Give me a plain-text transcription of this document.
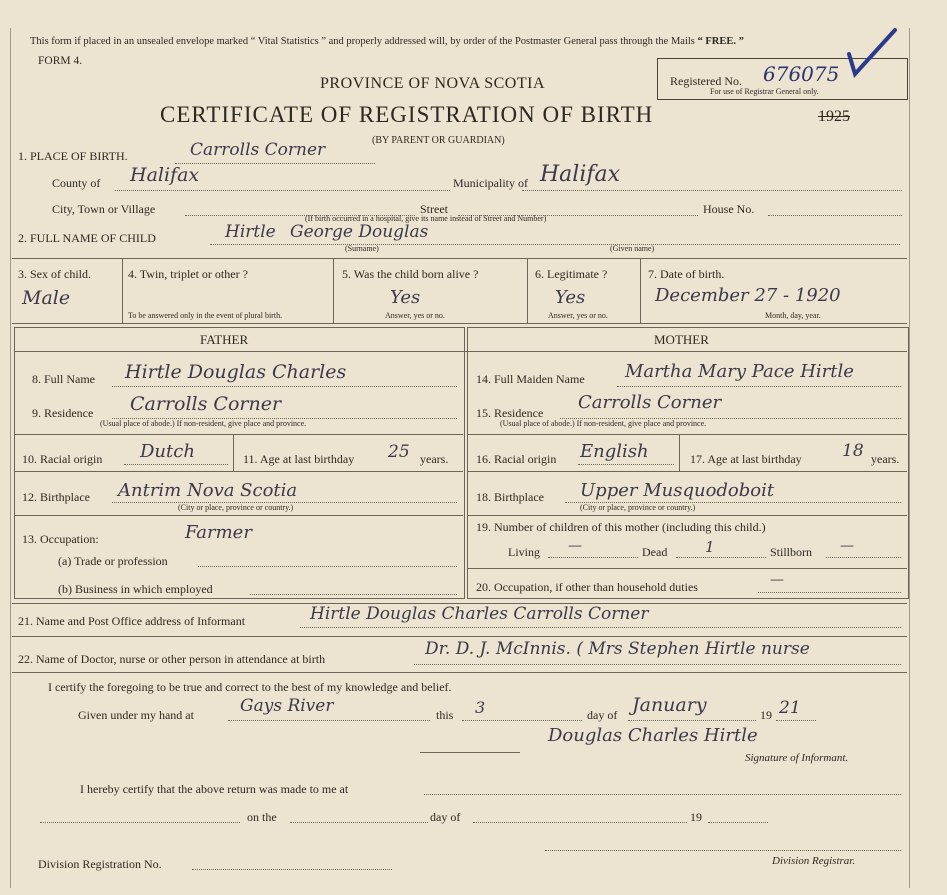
This form if placed in an unsealed envelope marked “ Vital Statistics ” and properly addressed will, by order of the Postmaster General pass through the Mails “ FREE. ”
FORM 4.
PROVINCE OF NOVA SCOTIA
CERTIFICATE OF REGISTRATION OF BIRTH
(BY PARENT OR GUARDIAN)
Registered No. 676075
For use of Registrar General only.
1925
1. PLACE OF BIRTH.	Carrolls Corner
County of Halifax	Municipality of Halifax
City, Town or Village	Street	House No.
(If birth occurred in a hospital, give its name instead of Street and Number)
2. FULL NAME OF CHILD	Hirtle George Douglas
(Surname)	(Given name)
3. Sex of child.
Male
4. Twin, triplet or other ?
To be answered only in the event of plural birth.
5. Was the child born alive ?
Yes
Answer, yes or no.
6. Legitimate ?
Yes
Answer, yes or no.
7. Date of birth.
December 27 - 1920
Month, day, year.
FATHER	MOTHER
8. Full Name Hirtle Douglas Charles
9. Residence Carrolls Corner
(Usual place of abode.) If non-resident, give place and province.
10. Racial origin Dutch	11. Age at last birthday 25 years.
12. Birthplace Antrim Nova Scotia
(City or place, province or country.)
13. Occupation:	Farmer
(a) Trade or profession
(b) Business in which employed
14. Full Maiden Name Martha Mary Pace Hirtle
15. Residence Carrolls Corner
(Usual place of abode.) If non-resident, give place and province.
16. Racial origin English	17. Age at last birthday 18 years.
18. Birthplace Upper Musquodoboit
(City or place, province or country.)
19. Number of children of this mother (including this child.)
Living —	Dead	1	Stillborn —
20. Occupation, if other than household duties	—
21. Name and Post Office address of Informant	Hirtle Douglas Charles Carrolls Corner
22. Name of Doctor, nurse or other person in attendance at birth	Dr. D. J. McInnis. ( Mrs Stephen Hirtle nurse
I certify the foregoing to be true and correct to the best of my knowledge and belief.
Given under my hand at	Gays River	this 3	day of January	19 21
Douglas Charles Hirtle
Signature of Informant.
I hereby certify that the above return was made to me at
on the	day of	19
Division Registration No.	Division Registrar.
